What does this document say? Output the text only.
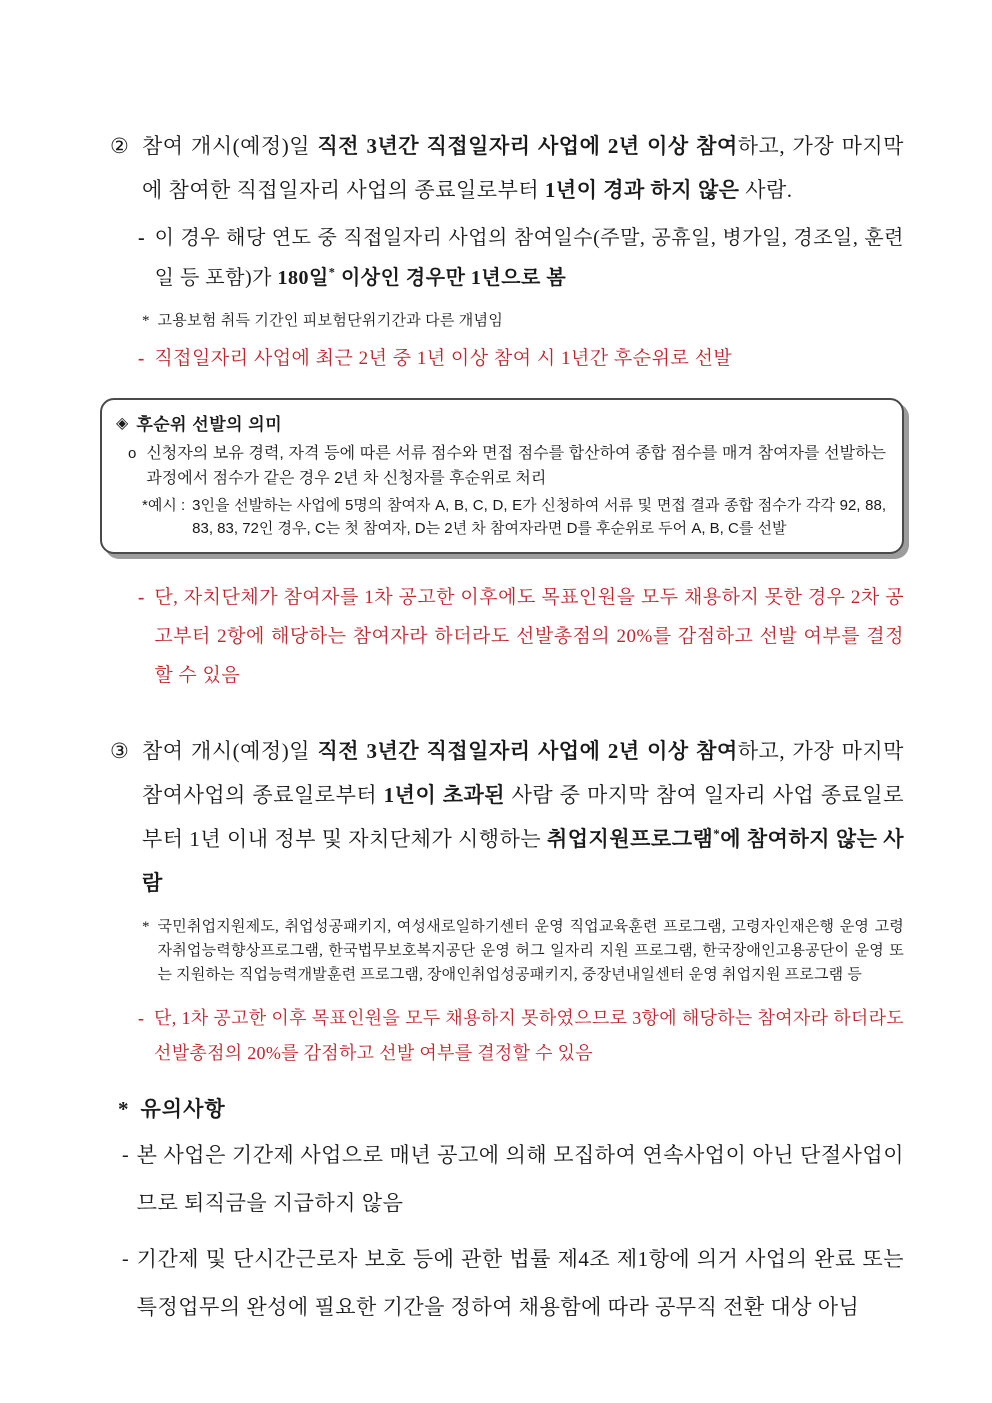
② 참여 개시(예정)일 직전 3년간 직접일자리 사업에 2년 이상 참여하고, 가장 마지막에 참여한 직접일자리 사업의 종료일로부터 1년이 경과 하지 않은 사람.

- 이 경우 해당 연도 중 직접일자리 사업의 참여일수(주말, 공휴일, 병가일, 경조일, 훈련일 등 포함)가 180일* 이상인 경우만 1년으로 봄

* 고용보험 취득 기간인 피보험단위기간과 다른 개념임

- 직접일자리 사업에 최근 2년 중 1년 이상 참여 시 1년간 후순위로 선발

◈ 후순위 선발의 의미
o 신청자의 보유 경력, 자격 등에 따른 서류 점수와 면접 점수를 합산하여 종합 점수를 매겨 참여자를 선발하는 과정에서 점수가 같은 경우 2년 차 신청자를 후순위로 처리

*예시 : 3인을 선발하는 사업에 5명의 참여자 A, B, C, D, E가 신청하여 서류 및 면접 결과 종합 점수가 각각 92, 88, 83, 83, 72인 경우, C는 첫 참여자, D는 2년 차 참여자라면 D를 후순위로 두어 A, B, C를 선발

- 단, 자치단체가 참여자를 1차 공고한 이후에도 목표인원을 모두 채용하지 못한 경우 2차 공고부터 2항에 해당하는 참여자라 하더라도 선발총점의 20%를 감점하고 선발 여부를 결정할 수 있음

③ 참여 개시(예정)일 직전 3년간 직접일자리 사업에 2년 이상 참여하고, 가장 마지막 참여사업의 종료일로부터 1년이 초과된 사람 중 마지막 참여 일자리 사업 종료일로부터 1년 이내 정부 및 자치단체가 시행하는 취업지원프로그램*에 참여하지 않는 사람

* 국민취업지원제도, 취업성공패키지, 여성새로일하기센터 운영 직업교육훈련 프로그램, 고령자인재은행 운영 고령자취업능력향상프로그램, 한국법무보호복지공단 운영 허그 일자리 지원 프로그램, 한국장애인고용공단이 운영 또는 지원하는 직업능력개발훈련 프로그램, 장애인취업성공패키지, 중장년내일센터 운영 취업지원 프로그램 등

- 단, 1차 공고한 이후 목표인원을 모두 채용하지 못하였으므로 3항에 해당하는 참여자라 하더라도 선발총점의 20%를 감점하고 선발 여부를 결정할 수 있음

* 유의사항
- 본 사업은 기간제 사업으로 매년 공고에 의해 모집하여 연속사업이 아닌 단절사업이므로 퇴직금을 지급하지 않음

- 기간제 및 단시간근로자 보호 등에 관한 법률 제4조 제1항에 의거 사업의 완료 또는 특정업무의 완성에 필요한 기간을 정하여 채용함에 따라 공무직 전환 대상 아님
